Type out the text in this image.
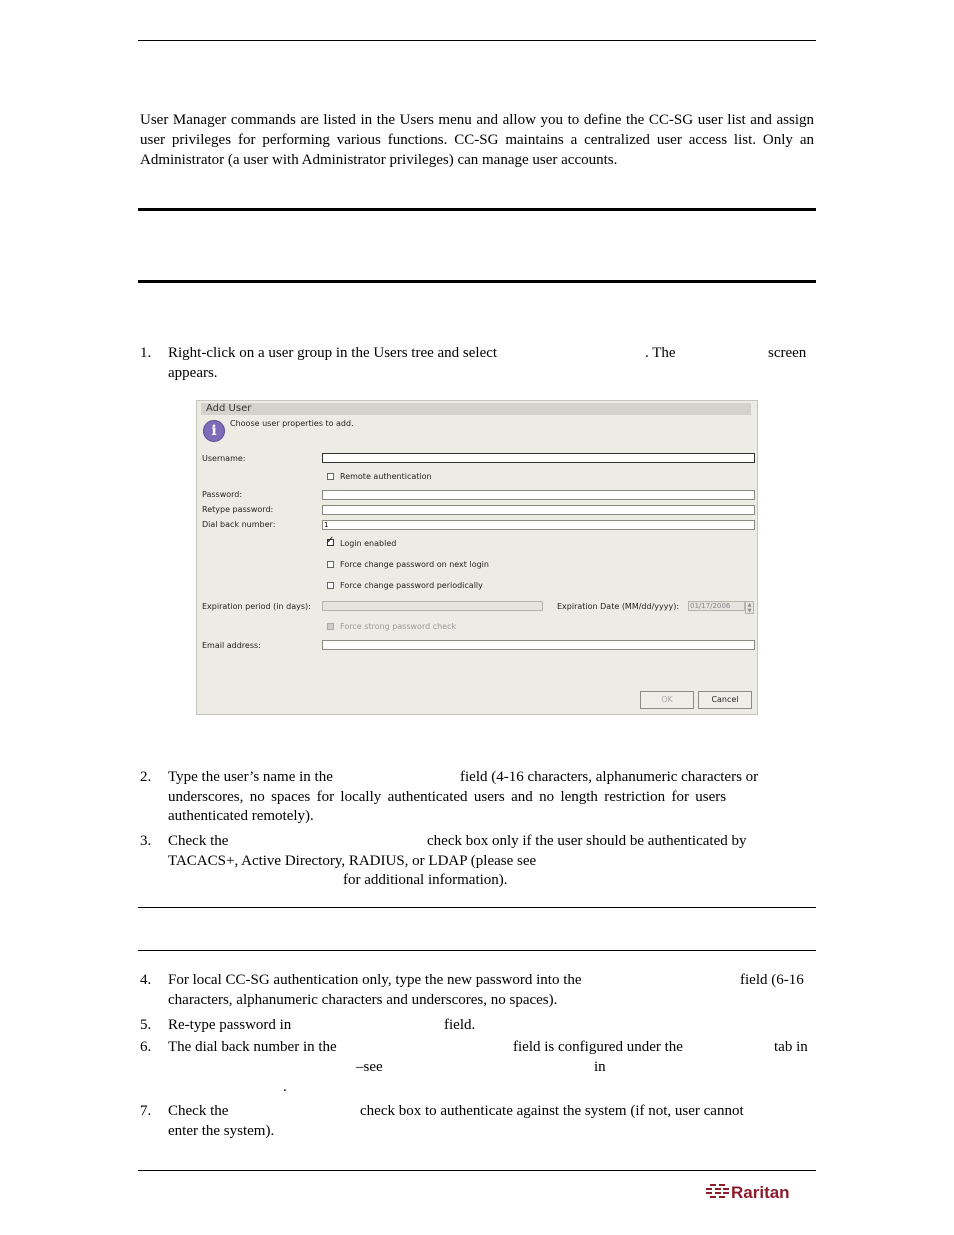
User Manager commands are listed in the Users menu and allow you to define the CC-SG user list and assign user privileges for performing various functions. CC-SG maintains a centralized user access list. Only an Administrator (a user with Administrator privileges) can manage user accounts.
1. Right-click on a user group in the Users tree and select	. The	screen
appears.
Add User
i	Choose user properties to add.
Username:
Remote authentication
Password:
Retype password:
Dial back number:	1
✓ Login enabled
Force change password on next login
Force change password periodically
Expiration period (in days):	Expiration Date (MM/dd/yyyy): 01/17/2006	▲
▼
Force strong password check
Email address:
OK	Cancel
2. Type the user’s name in the	field (4-16 characters, alphanumeric characters or
underscores, no spaces for locally authenticated users and no length restriction for users
authenticated remotely).
3. Check the	check box only if the user should be authenticated by
TACACS+, Active Directory, RADIUS, or LDAP (please see
for additional information).
4. For local CC-SG authentication only, type the new password into the	field (6-16
characters, alphanumeric characters and underscores, no spaces).
5. Re-type password in	field.
6. The dial back number in the	field is configured under the	tab in
–see	in
.
7. Check the	check box to authenticate against the system (if not, user cannot
enter the system).
Raritan
